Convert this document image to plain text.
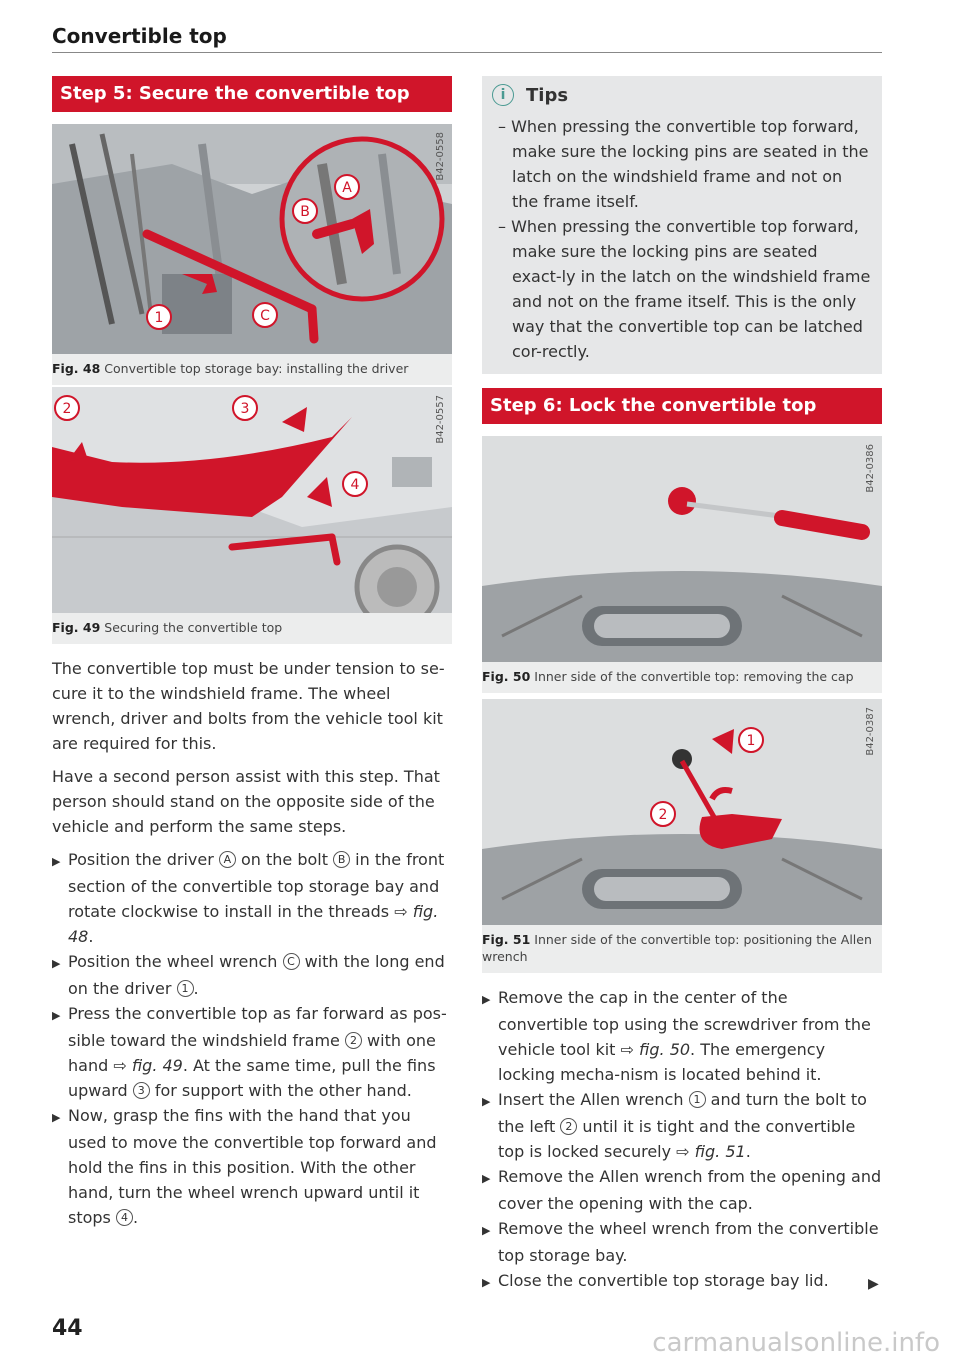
Convertible top
Step 5: Secure the convertible top
B42-0558
A
B
C
1
Fig. 48 Convertible top storage bay: installing the driver
B42-0557
2	3
4
Fig. 49 Securing the convertible top

The convertible top must be under tension to se-cure it to the windshield frame. The wheel wrench, driver and bolts from the vehicle tool kit are required for this.

Have a second person assist with this step. That person should stand on the opposite side of the vehicle and perform the same steps.

▶ Position the driver A on the bolt B in the front section of the convertible top storage bay and rotate clockwise to install in the threads ⇨ fig. 48.
▶ Position the wheel wrench C with the long end on the driver 1 .
▶ Press the convertible top as far forward as pos-sible toward the windshield frame 2 with one hand ⇨ fig. 49. At the same time, pull the fins upward 3 for support with the other hand.
▶ Now, grasp the fins with the hand that you used to move the convertible top forward and hold the fins in this position. With the other hand, turn the wheel wrench upward until it stops 4 .
i	Tips
– When pressing the convertible top forward, make sure the locking pins are seated in the latch on the windshield frame and not on the frame itself.
– When pressing the convertible top forward, make sure the locking pins are seated exact-ly in the latch on the windshield frame and not on the frame itself. This is the only way that the convertible top can be latched cor-rectly.
Step 6: Lock the convertible top
B42-0386
Fig. 50 Inner side of the convertible top: removing the cap
B42-0387
1
2
Fig. 51 Inner side of the convertible top: positioning the Allen wrench
▶ Remove the cap in the center of the convertible top using the screwdriver from the vehicle tool kit ⇨ fig. 50. The emergency locking mecha-nism is located behind it.
▶ Insert the Allen wrench 1 and turn the bolt to the left 2 until it is tight and the convertible top is locked securely ⇨ fig. 51.
▶ Remove the Allen wrench from the opening and cover the opening with the cap.
▶ Remove the wheel wrench from the convertible top storage bay.
▶ Close the convertible top storage bay lid.	▶
44	carmanualsonline.info
